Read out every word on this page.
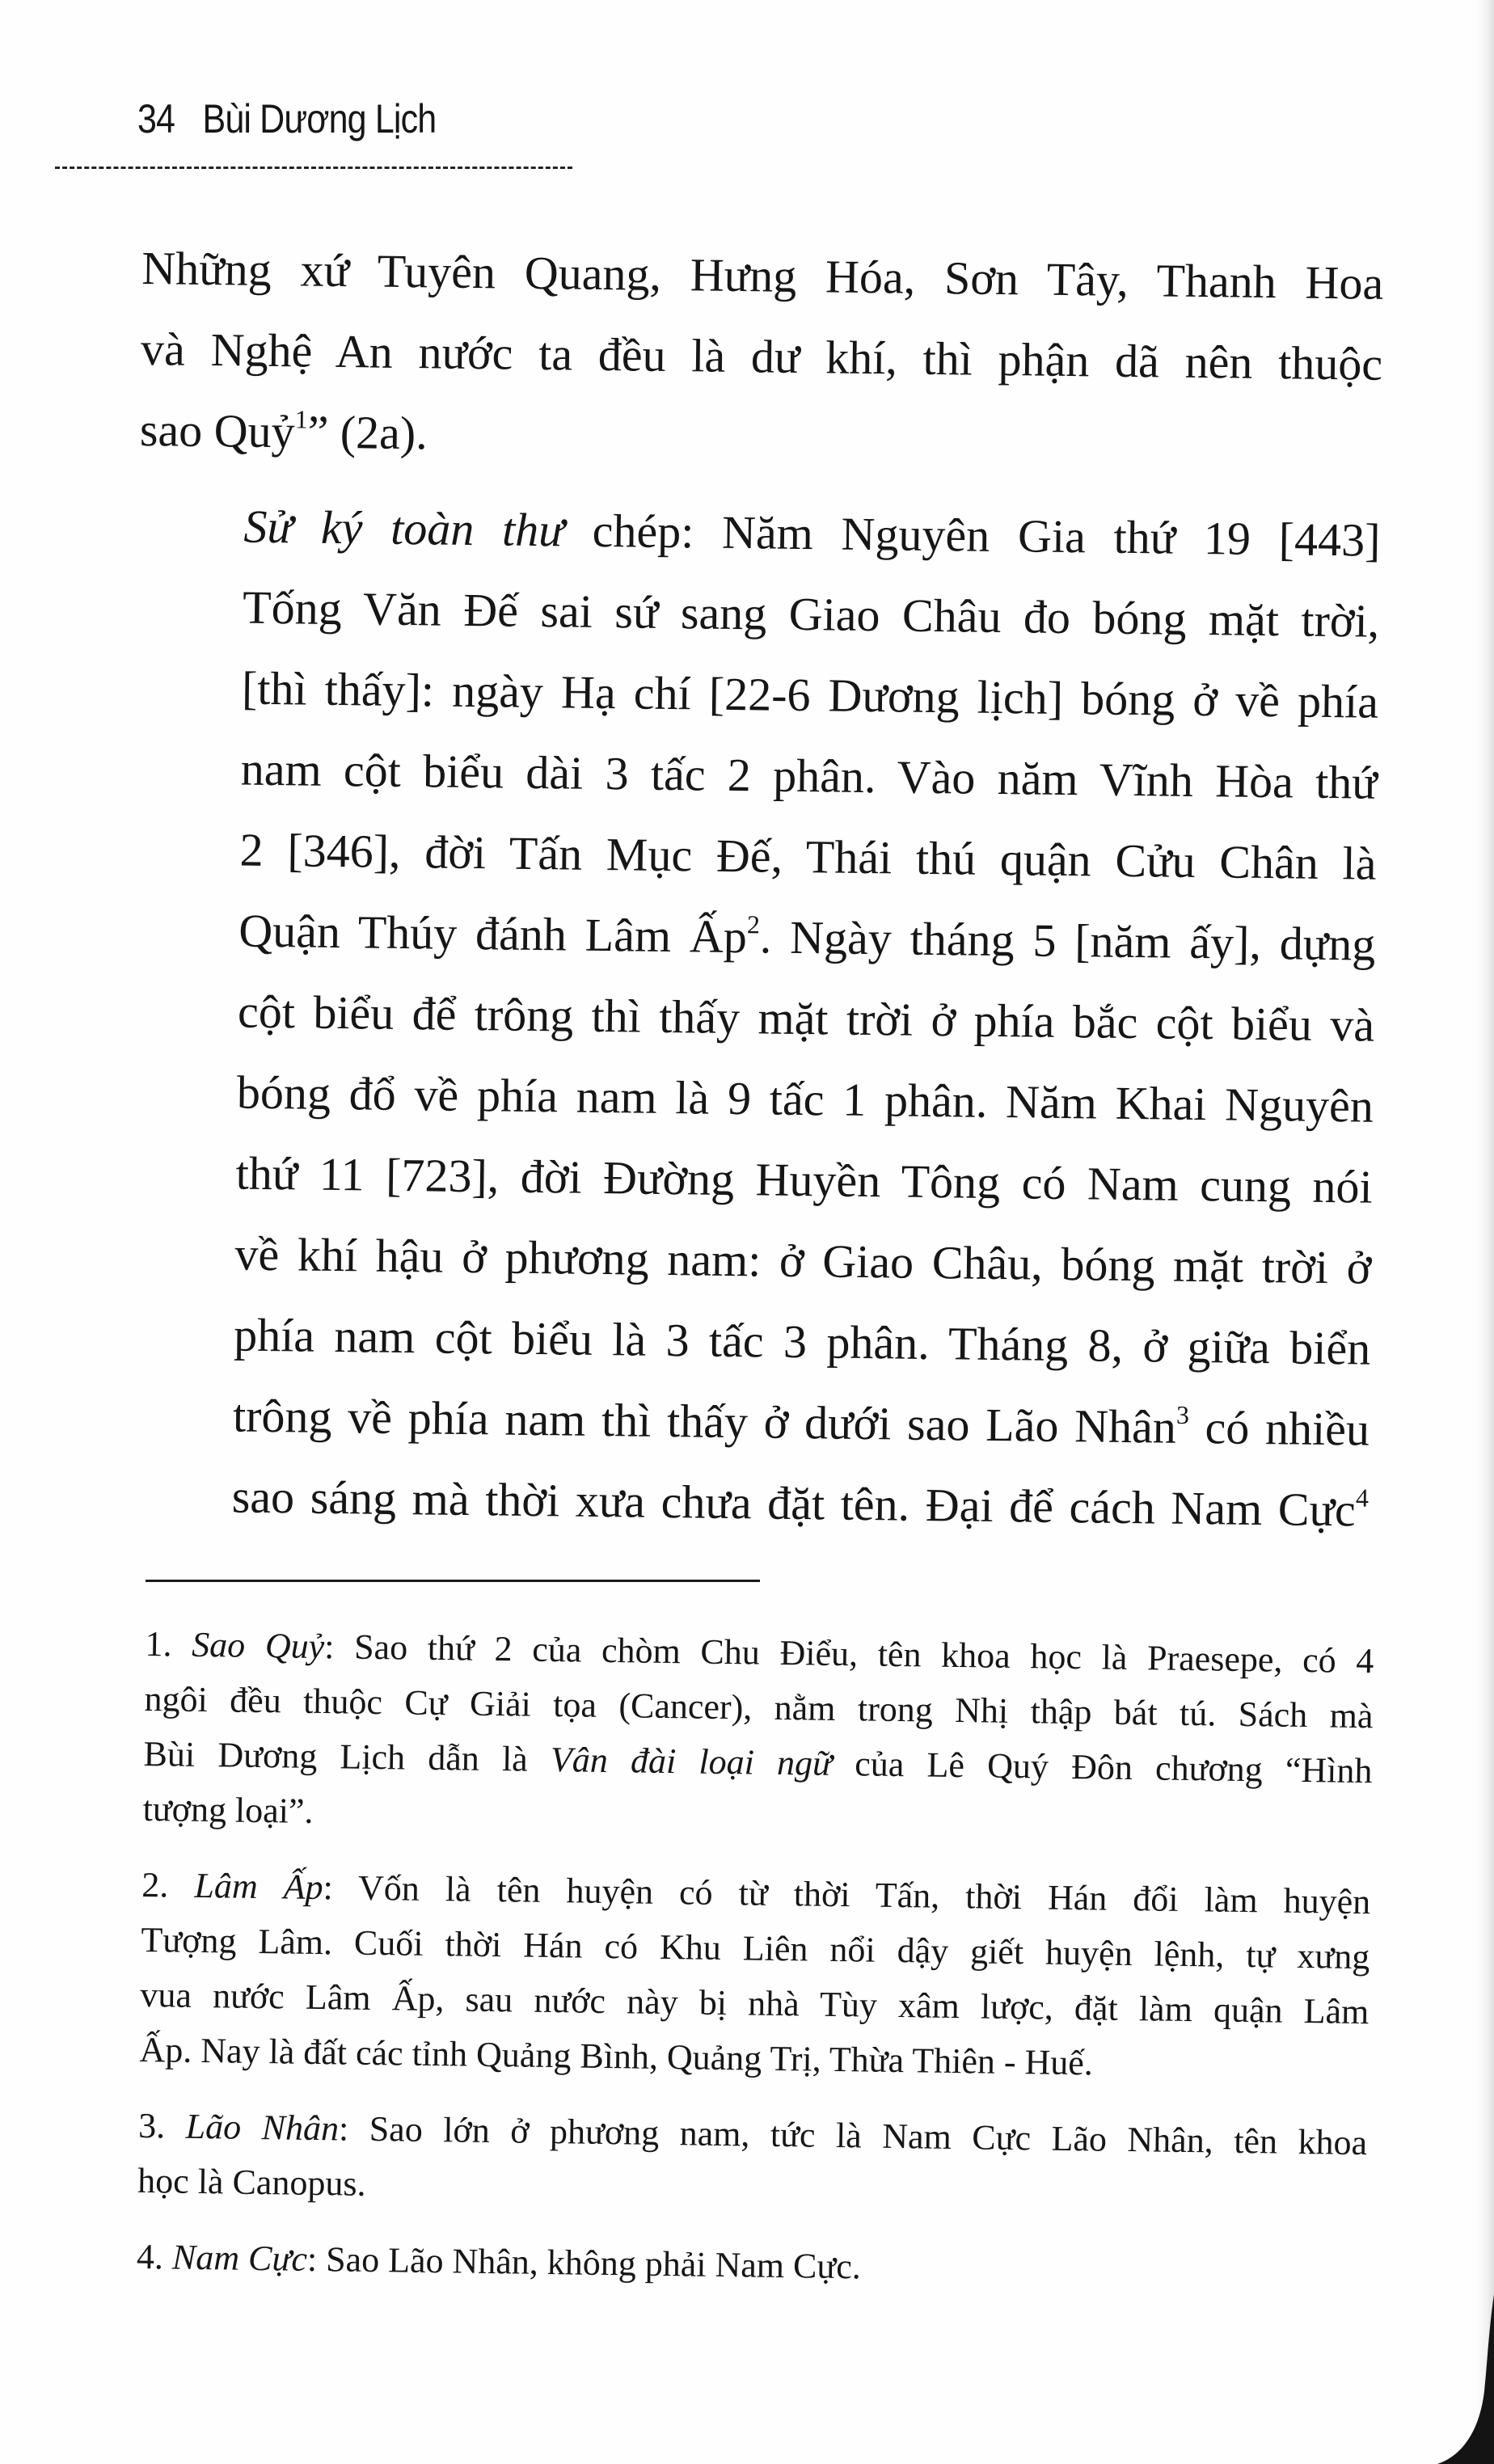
34 Bùi Dương Lịch

Những xứ Tuyên Quang, Hưng Hóa, Sơn Tây, Thanh Hoa
và Nghệ An nước ta đều là dư khí, thì phận dã nên thuộc
sao Quỷ$^1$” (2a).

Sử ký toàn thư chép: Năm Nguyên Gia thứ 19 [443]
Tống Văn Đế sai sứ sang Giao Châu đo bóng mặt trời,
[thì thấy]: ngày Hạ chí [22-6 Dương lịch] bóng ở về phía
nam cột biểu dài 3 tấc 2 phân. Vào năm Vĩnh Hòa thứ
2 [346], đời Tấn Mục Đế, Thái thú quận Cửu Chân là
Quận Thúy đánh Lâm Ấp$^2$. Ngày tháng 5 [năm ấy], dựng
cột biểu để trông thì thấy mặt trời ở phía bắc cột biểu và
bóng đổ về phía nam là 9 tấc 1 phân. Năm Khai Nguyên
thứ 11 [723], đời Đường Huyền Tông có Nam cung nói
về khí hậu ở phương nam: ở Giao Châu, bóng mặt trời ở
phía nam cột biểu là 3 tấc 3 phân. Tháng 8, ở giữa biển
trông về phía nam thì thấy ở dưới sao Lão Nhân$^3$ có nhiều
sao sáng mà thời xưa chưa đặt tên. Đại để cách Nam Cực$^4$

1. Sao Quỷ: Sao thứ 2 của chòm Chu Điểu, tên khoa học là Praesepe, có 4
ngôi đều thuộc Cự Giải tọa (Cancer), nằm trong Nhị thập bát tú. Sách mà
Bùi Dương Lịch dẫn là Vân đài loại ngữ của Lê Quý Đôn chương “Hình
tượng loại”.
2. Lâm Ấp: Vốn là tên huyện có từ thời Tấn, thời Hán đổi làm huyện
Tượng Lâm. Cuối thời Hán có Khu Liên nổi dậy giết huyện lệnh, tự xưng
vua nước Lâm Ấp, sau nước này bị nhà Tùy xâm lược, đặt làm quận Lâm
Ấp. Nay là đất các tỉnh Quảng Bình, Quảng Trị, Thừa Thiên - Huế.
3. Lão Nhân: Sao lớn ở phương nam, tức là Nam Cực Lão Nhân, tên khoa
học là Canopus.
4. Nam Cực: Sao Lão Nhân, không phải Nam Cực.
